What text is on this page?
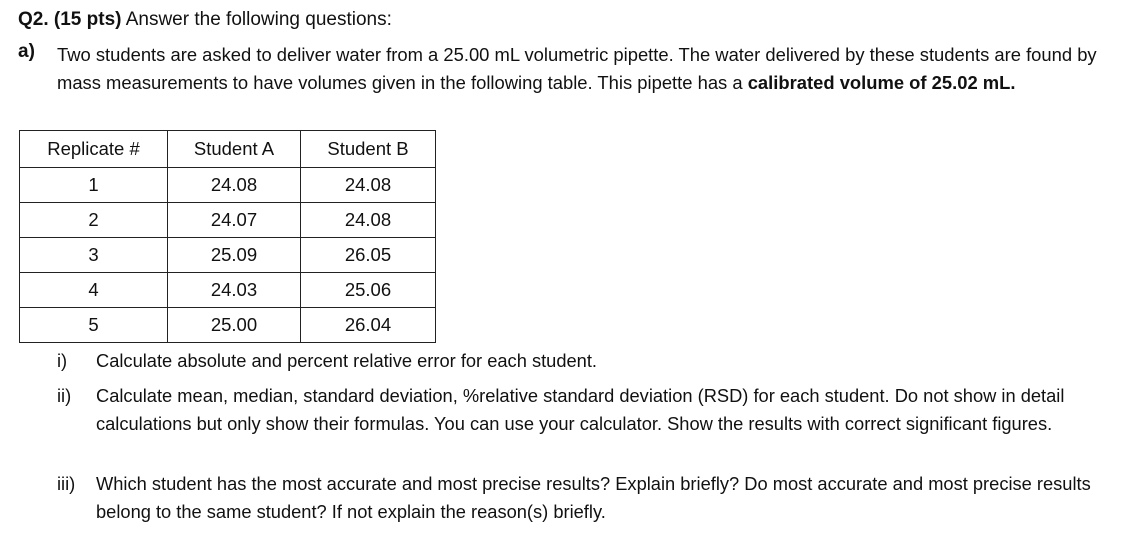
Q2. (15 pts) Answer the following questions:
a) Two students are asked to deliver water from a 25.00 mL volumetric pipette. The water delivered by these students are found by mass measurements to have volumes given in the following table. This pipette has a calibrated volume of 25.02 mL.
Replicate #	Student A	Student B
1	24.08	24.08
2	24.07	24.08
3	25.09	26.05
4	24.03	25.06
5	25.00	26.04
i) Calculate absolute and percent relative error for each student.
ii) Calculate mean, median, standard deviation, %relative standard deviation (RSD) for each student. Do not show in detail calculations but only show their formulas. You can use your calculator. Show the results with correct significant figures.
iii) Which student has the most accurate and most precise results? Explain briefly? Do most accurate and most precise results belong to the same student? If not explain the reason(s) briefly.
